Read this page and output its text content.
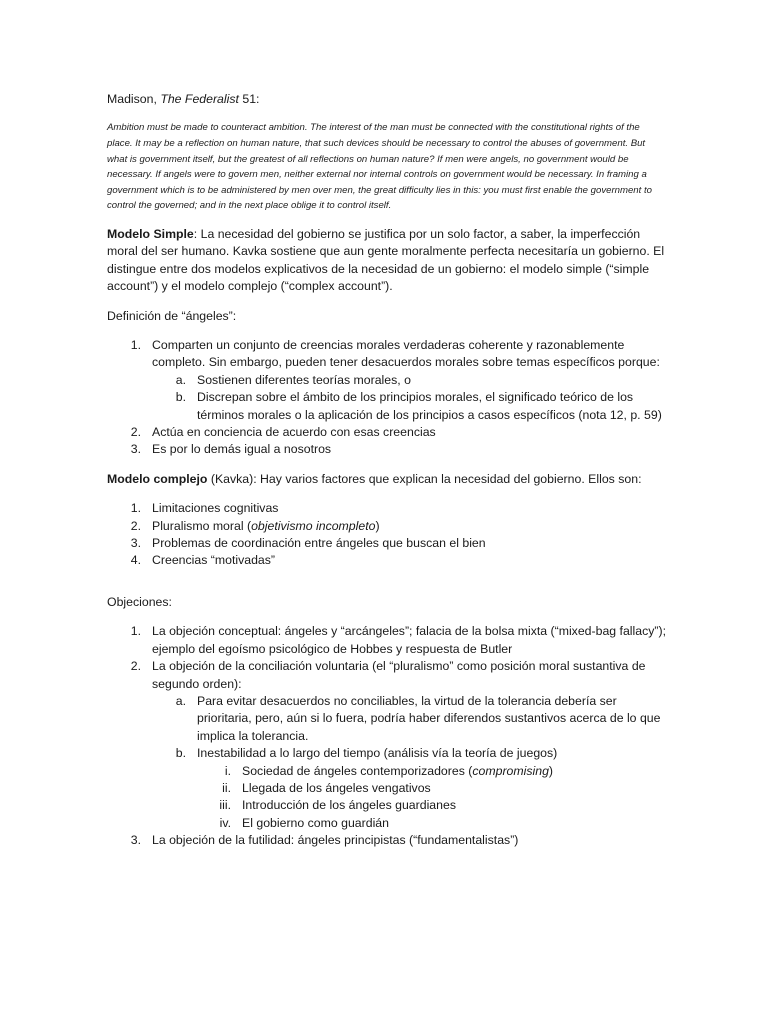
Madison, The Federalist 51:

Ambition must be made to counteract ambition. The interest of the man must be connected with the constitutional rights of the place. It may be a reflection on human nature, that such devices should be necessary to control the abuses of government. But what is government itself, but the greatest of all reflections on human nature? If men were angels, no government would be necessary. If angels were to govern men, neither external nor internal controls on government would be necessary. In framing a government which is to be administered by men over men, the great difficulty lies in this: you must first enable the government to control the governed; and in the next place oblige it to control itself.

Modelo Simple: La necesidad del gobierno se justifica por un solo factor, a saber, la imperfección moral del ser humano. Kavka sostiene que aun gente moralmente perfecta necesitaría un gobierno. El distingue entre dos modelos explicativos de la necesidad de un gobierno: el modelo simple (“simple account”) y el modelo complejo (“complex account”).

Definición de “ángeles”:

1. Comparten un conjunto de creencias morales verdaderas coherente y razonablemente completo. Sin embargo, pueden tener desacuerdos morales sobre temas específicos porque:
a. Sostienen diferentes teorías morales, o
b. Discrepan sobre el ámbito de los principios morales, el significado teórico de los términos morales o la aplicación de los principios a casos específicos (nota 12, p. 59)
2. Actúa en conciencia de acuerdo con esas creencias
3. Es por lo demás igual a nosotros

Modelo complejo (Kavka): Hay varios factores que explican la necesidad del gobierno. Ellos son:

1. Limitaciones cognitivas
2. Pluralismo moral (objetivismo incompleto)
3. Problemas de coordinación entre ángeles que buscan el bien
4. Creencias “motivadas”

Objeciones:

1. La objeción conceptual: ángeles y “arcángeles”; falacia de la bolsa mixta (“mixed-bag fallacy”); ejemplo del egoísmo psicológico de Hobbes y respuesta de Butler
2. La objeción de la conciliación voluntaria (el “pluralismo” como posición moral sustantiva de segundo orden):
a. Para evitar desacuerdos no conciliables, la virtud de la tolerancia debería ser prioritaria, pero, aún si lo fuera, podría haber diferendos sustantivos acerca de lo que implica la tolerancia.
b. Inestabilidad a lo largo del tiempo (análisis vía la teoría de juegos)
i. Sociedad de ángeles contemporizadores (compromising)
ii. Llegada de los ángeles vengativos
iii. Introducción de los ángeles guardianes
iv. El gobierno como guardián
3. La objeción de la futilidad: ángeles principistas (“fundamentalistas”)
